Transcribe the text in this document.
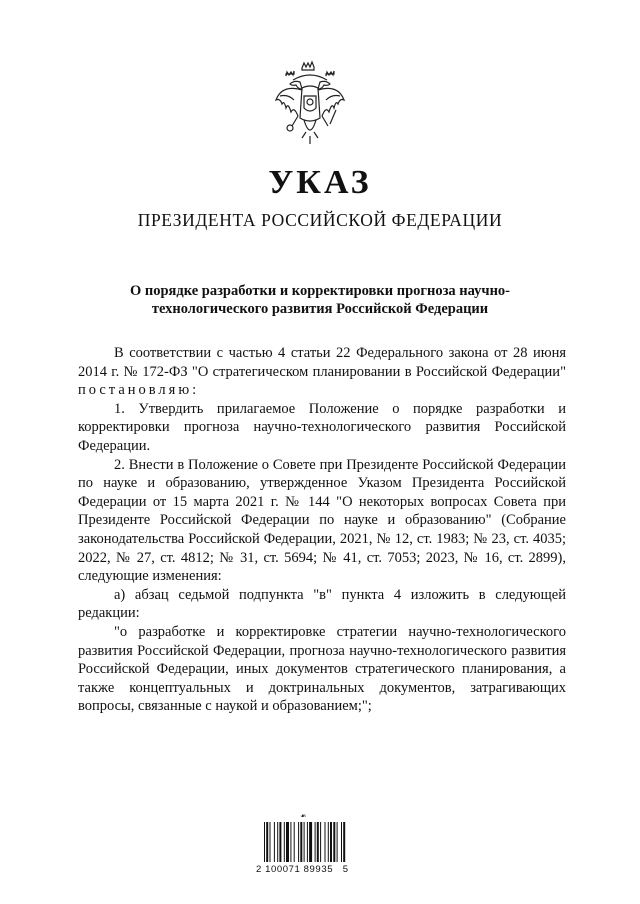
УКАЗ
ПРЕЗИДЕНТА РОССИЙСКОЙ ФЕДЕРАЦИИ
О порядке разработки и корректировки прогноза научно-
технологического развития Российской Федерации

В соответствии с частью 4 статьи 22 Федерального закона от 28 июня 2014 г. № 172-ФЗ "О стратегическом планировании в Российской Федерации" постановляю:

1. Утвердить прилагаемое Положение о порядке разработки и корректировки прогноза научно-технологического развития Российской Федерации.

2. Внести в Положение о Совете при Президенте Российской Федерации по науке и образованию, утвержденное Указом Президента Российской Федерации от 15 марта 2021 г. № 144 "О некоторых вопросах Совета при Президенте Российской Федерации по науке и образованию" (Собрание законодательства Российской Федерации, 2021, № 12, ст. 1983; № 23, ст. 4035; 2022, № 27, ст. 4812; № 31, ст. 5694; № 41, ст. 7053; 2023, № 16, ст. 2899), следующие изменения:

а) абзац седьмой подпункта "в" пункта 4 изложить в следующей редакции:

"о разработке и корректировке стратегии научно-технологического развития Российской Федерации, прогноза научно-технологического развития Российской Федерации, иных документов стратегического планирования, а также концептуальных и доктринальных документов, затрагивающих вопросы, связанные с наукой и образованием;";

☙
2 100071 89935   5
